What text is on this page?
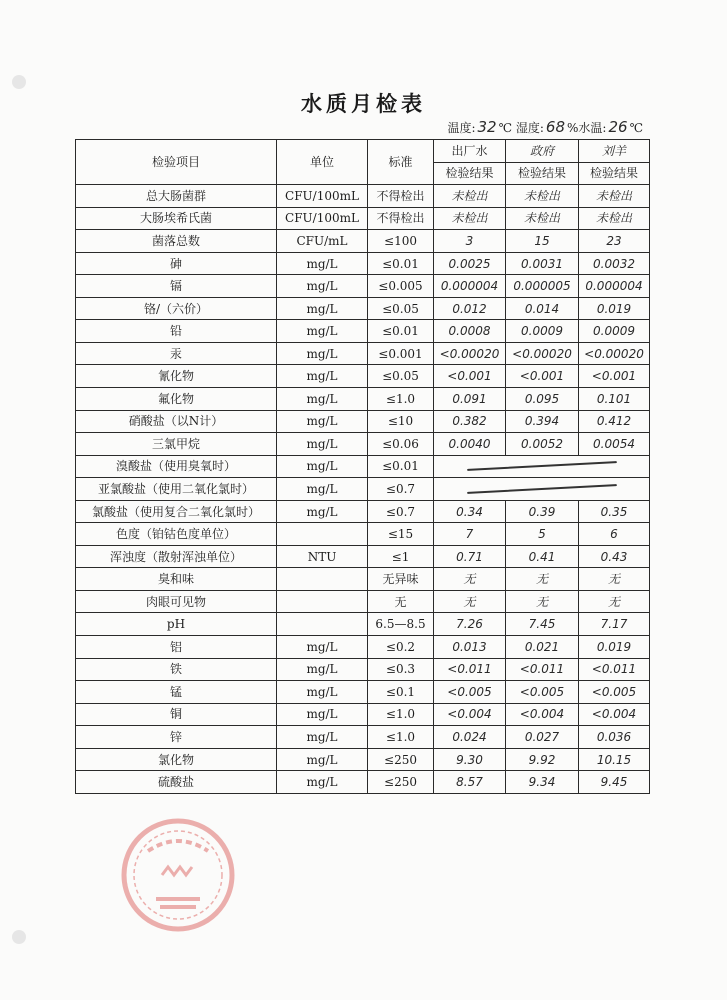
水质月检表
温度: 32 ℃ 湿度: 68 %水温: 26 ℃
检验项目	单位	标准	出厂水	政府	刘羊
			检验结果	检验结果	检验结果
总大肠菌群	CFU/100mL	不得检出	未检出	未检出	未检出
大肠埃希氏菌	CFU/100mL	不得检出	未检出	未检出	未检出
菌落总数	CFU/mL	≤100	3	15	23
砷	mg/L	≤0.01	0.0025	0.0031	0.0032
镉	mg/L	≤0.005	0.000004	0.000005	0.000004
铬/（六价）	mg/L	≤0.05	0.012	0.014	0.019
铅	mg/L	≤0.01	0.0008	0.0009	0.0009
汞	mg/L	≤0.001	<0.00020	<0.00020	<0.00020
氰化物	mg/L	≤0.05	<0.001	<0.001	<0.001
氟化物	mg/L	≤1.0	0.091	0.095	0.101
硝酸盐（以N计）	mg/L	≤10	0.382	0.394	0.412
三氯甲烷	mg/L	≤0.06	0.0040	0.0052	0.0054
溴酸盐（使用臭氧时）	mg/L	≤0.01			

亚氯酸盐（使用二氧化氯时）	mg/L	≤0.7			

氯酸盐（使用复合二氧化氯时）	mg/L	≤0.7	0.34	0.39	0.35
色度（铂钴色度单位）		≤15	7	5	6
浑浊度（散射浑浊单位）	NTU	≤1	0.71	0.41	0.43
臭和味		无异味	无	无	无
肉眼可见物		无	无	无	无
pH		6.5—8.5	7.26	7.45	7.17
铝	mg/L	≤0.2	0.013	0.021	0.019
铁	mg/L	≤0.3	<0.011	<0.011	<0.011
锰	mg/L	≤0.1	<0.005	<0.005	<0.005
铜	mg/L	≤1.0	<0.004	<0.004	<0.004
锌	mg/L	≤1.0	0.024	0.027	0.036
氯化物	mg/L	≤250	9.30	9.92	10.15
硫酸盐	mg/L	≤250	8.57	9.34	9.45
